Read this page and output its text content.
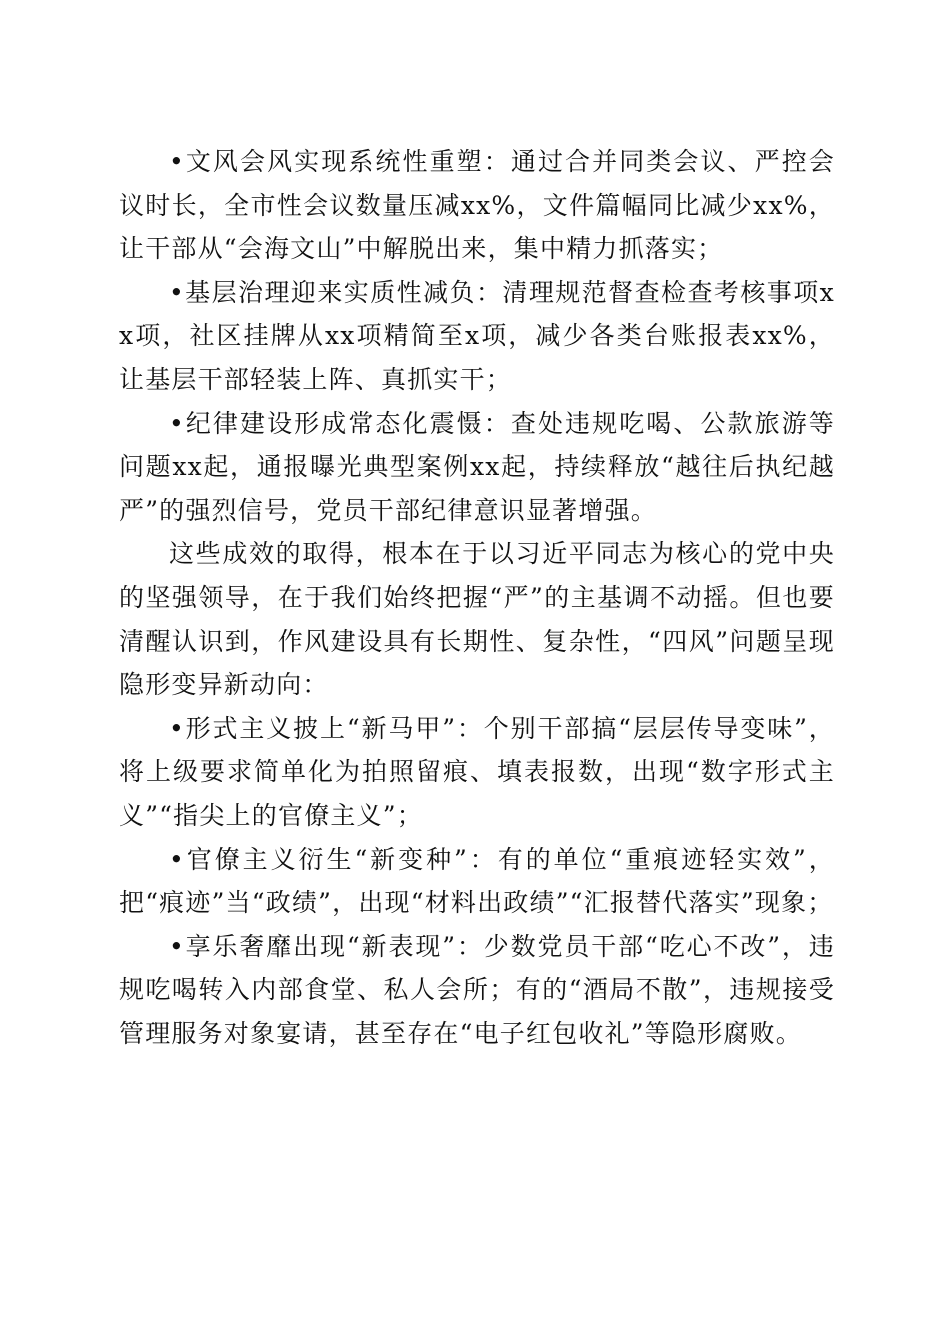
•文风会风实现系统性重塑：通过合并同类会议、严控会议时长，全市性会议数量压减xx%，文件篇幅同比减少xx%，让干部从“会海文山”中解脱出来，集中精力抓落实；

•基层治理迎来实质性减负：清理规范督查检查考核事项xx项，社区挂牌从xx项精简至x项，减少各类台账报表xx%，让基层干部轻装上阵、真抓实干；

•纪律建设形成常态化震慑：查处违规吃喝、公款旅游等问题xx起，通报曝光典型案例xx起，持续释放“越往后执纪越严”的强烈信号，党员干部纪律意识显著增强。

这些成效的取得，根本在于以习近平同志为核心的党中央的坚强领导，在于我们始终把握“严”的主基调不动摇。但也要清醒认识到，作风建设具有长期性、复杂性，“四风”问题呈现隐形变异新动向：

•形式主义披上“新马甲”：个别干部搞“层层传导变味”，将上级要求简单化为拍照留痕、填表报数，出现“数字形式主义”“指尖上的官僚主义”；

•官僚主义衍生“新变种”：有的单位“重痕迹轻实效”，把“痕迹”当“政绩”，出现“材料出政绩”“汇报替代落实”现象；

•享乐奢靡出现“新表现”：少数党员干部“吃心不改”，违规吃喝转入内部食堂、私人会所；有的“酒局不散”，违规接受管理服务对象宴请，甚至存在“电子红包收礼”等隐形腐败。
